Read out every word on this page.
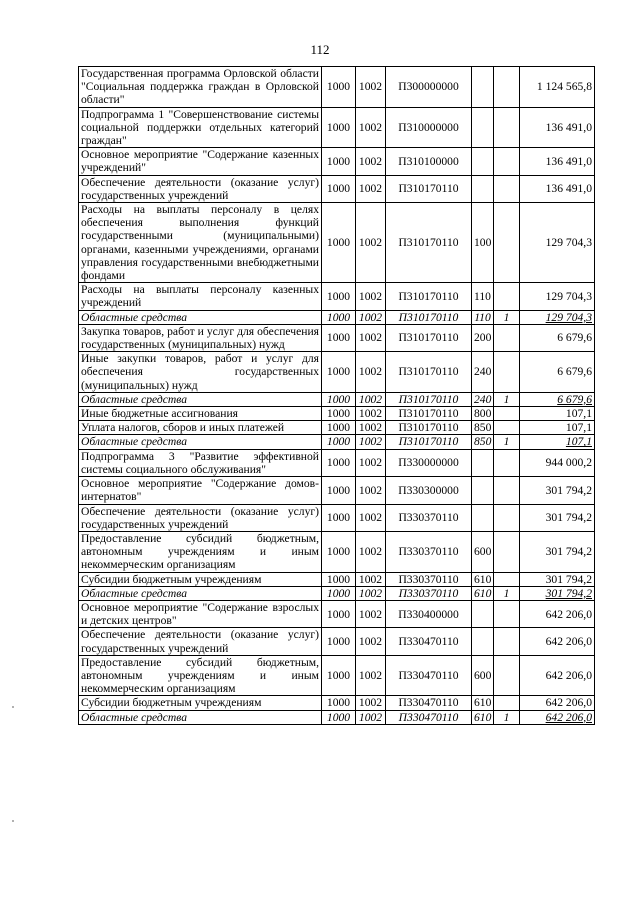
112
Государственная программа Орловской области "Социальная поддержка граждан в Орловской области"	1000	1002	П300000000			1 124 565,8
Подпрограмма 1 "Совершенствование системы социальной поддержки отдельных категорий граждан"	1000	1002	П310000000			136 491,0
Основное мероприятие "Содержание казенных учреждений"	1000	1002	П310100000			136 491,0
Обеспечение деятельности (оказание услуг) государственных учреждений	1000	1002	П310170110			136 491,0
Расходы на выплаты персоналу в целях обеспечения выполнения функций государственными (муниципальными) органами, казенными учреждениями, органами управления государственными внебюджетными фондами	1000	1002	П310170110	100		129 704,3
Расходы на выплаты персоналу казенных учреждений	1000	1002	П310170110	110		129 704,3
Областные средства	1000	1002	П310170110	110	1	129 704,3
Закупка товаров, работ и услуг для обеспечения государственных (муниципальных) нужд	1000	1002	П310170110	200		6 679,6
Иные закупки товаров, работ и услуг для обеспечения государственных (муниципальных) нужд	1000	1002	П310170110	240		6 679,6
Областные средства	1000	1002	П310170110	240	1	6 679,6
Иные бюджетные ассигнования	1000	1002	П310170110	800		107,1
Уплата налогов, сборов и иных платежей	1000	1002	П310170110	850		107,1
Областные средства	1000	1002	П310170110	850	1	107,1
Подпрограмма 3 "Развитие эффективной системы социального обслуживания"	1000	1002	П330000000			944 000,2
Основное мероприятие "Содержание домов-интернатов"	1000	1002	П330300000			301 794,2
Обеспечение деятельности (оказание услуг) государственных учреждений	1000	1002	П330370110			301 794,2
Предоставление субсидий бюджетным, автономным учреждениям и иным некоммерческим организациям	1000	1002	П330370110	600		301 794,2
Субсидии бюджетным учреждениям	1000	1002	П330370110	610		301 794,2
Областные средства	1000	1002	П330370110	610	1	301 794,2
Основное мероприятие "Содержание взрослых и детских центров"	1000	1002	П330400000			642 206,0
Обеспечение деятельности (оказание услуг) государственных учреждений	1000	1002	П330470110			642 206,0
Предоставление субсидий бюджетным, автономным учреждениям и иным некоммерческим организациям	1000	1002	П330470110	600		642 206,0
Субсидии бюджетным учреждениям	1000	1002	П330470110	610		642 206,0
Областные средства	1000	1002	П330470110	610	1	642 206,0
